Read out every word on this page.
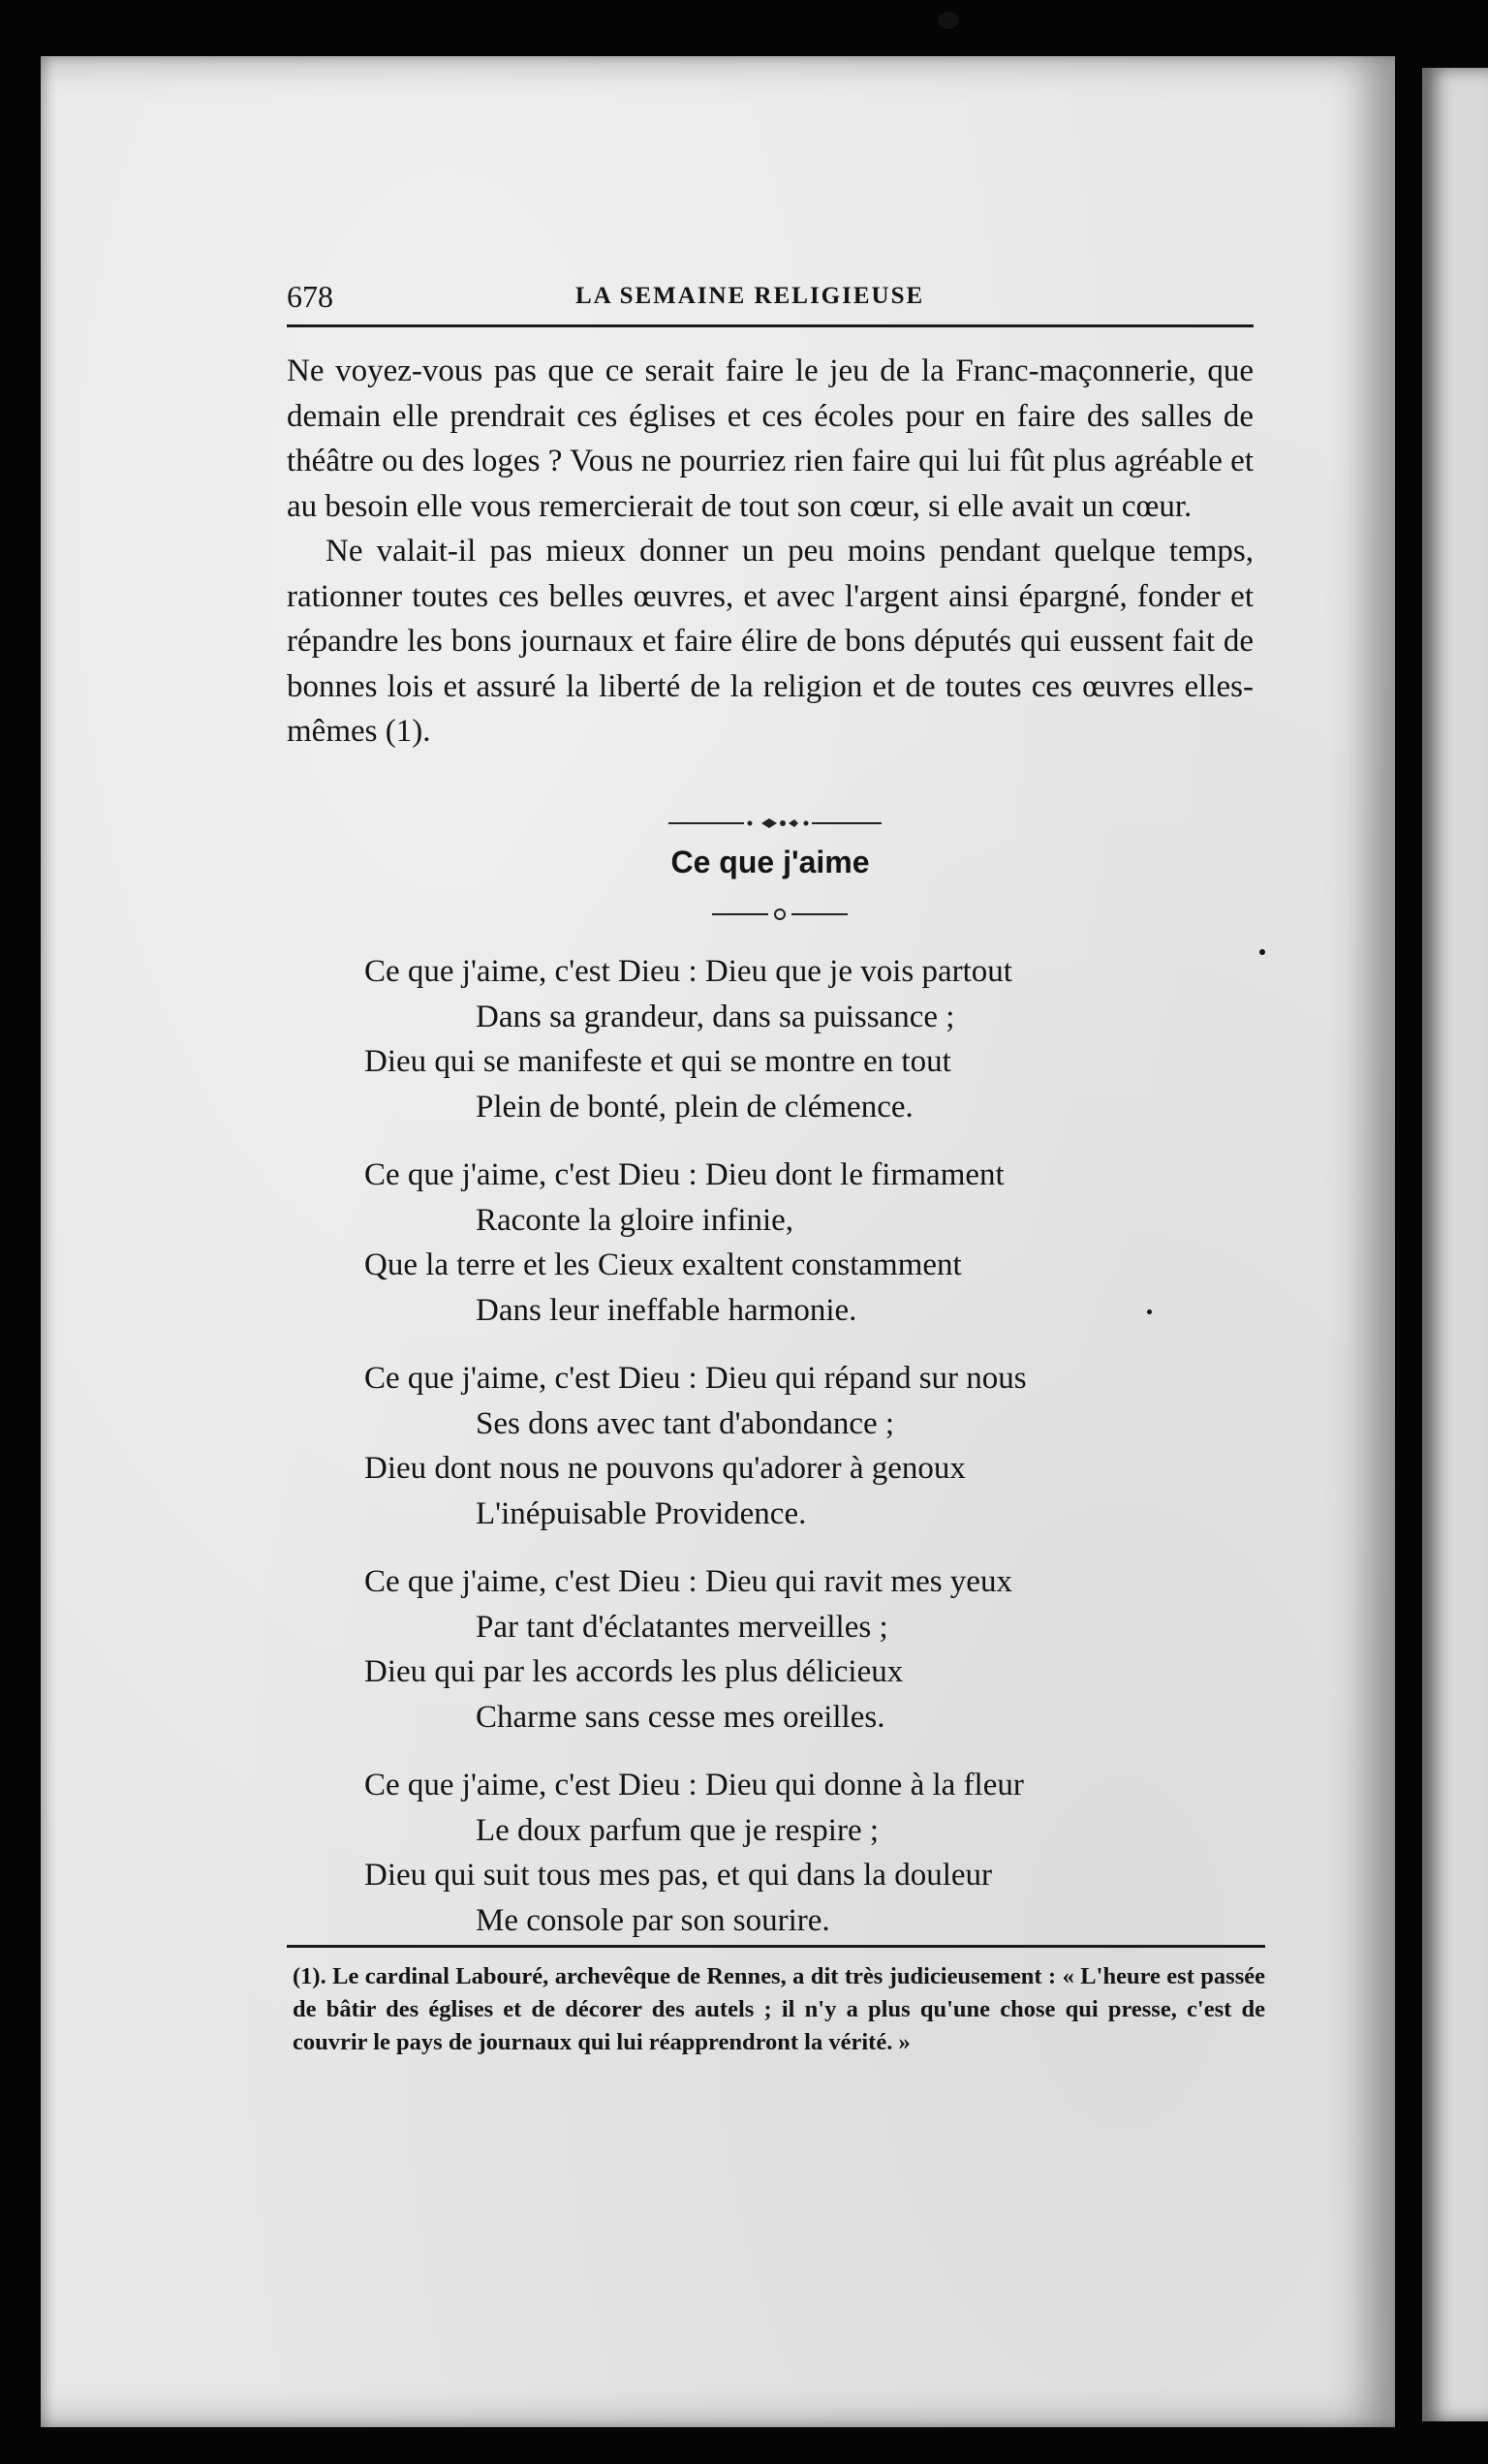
678	LA SEMAINE RELIGIEUSE

Ne voyez-vous pas que ce serait faire le jeu de la Franc-maçonnerie, que demain elle prendrait ces églises et ces écoles pour en faire des salles de théâtre ou des loges ? Vous ne pourriez rien faire qui lui fût plus agréable et au besoin elle vous remercierait de tout son cœur, si elle avait un cœur.

Ne valait-il pas mieux donner un peu moins pendant quelque temps, rationner toutes ces belles œuvres, et avec l'argent ainsi épargné, fonder et répandre les bons journaux et faire élire de bons députés qui eussent fait de bonnes lois et assuré la liberté de la religion et de toutes ces œuvres elles-mêmes (1).

Ce que j'aime
Ce que j'aime, c'est Dieu : Dieu que je vois partout
Dans sa grandeur, dans sa puissance ;
Dieu qui se manifeste et qui se montre en tout
Plein de bonté, plein de clémence.
Ce que j'aime, c'est Dieu : Dieu dont le firmament
Raconte la gloire infinie,
Que la terre et les Cieux exaltent constamment
Dans leur ineffable harmonie.
Ce que j'aime, c'est Dieu : Dieu qui répand sur nous
Ses dons avec tant d'abondance ;
Dieu dont nous ne pouvons qu'adorer à genoux
L'inépuisable Providence.
Ce que j'aime, c'est Dieu : Dieu qui ravit mes yeux
Par tant d'éclatantes merveilles ;
Dieu qui par les accords les plus délicieux
Charme sans cesse mes oreilles.
Ce que j'aime, c'est Dieu : Dieu qui donne à la fleur
Le doux parfum que je respire ;
Dieu qui suit tous mes pas, et qui dans la douleur
Me console par son sourire.
(1). Le cardinal Labouré, archevêque de Rennes, a dit très judicieusement : « L'heure est passée de bâtir des églises et de décorer des autels ; il n'y a plus qu'une chose qui presse, c'est de couvrir le pays de journaux qui lui réapprendront la vérité. »
